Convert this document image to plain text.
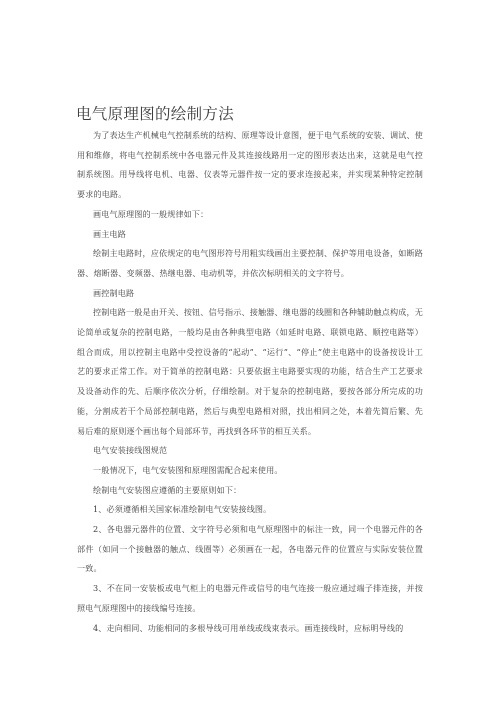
电气原理图的绘制方法

为了表达生产机械电气控制系统的结构、原理等设计意图，便于电气系统的安装、调试、使用和维修，将电气控制系统中各电器元件及其连接线路用一定的图形表达出来，这就是电气控制系统图。用导线将电机、电器、仪表等元器件按一定的要求连接起来，并实现某种特定控制要求的电路。

画电气原理图的一般规律如下：

画主电路

绘制主电路时，应依规定的电气图形符号用粗实线画出主要控制、保护等用电设备，如断路器、熔断器、变频器、热继电器、电动机等，并依次标明相关的文字符号。

画控制电路

控制电路一般是由开关、按钮、信号指示、接触器、继电器的线圈和各种辅助触点构成，无论简单或复杂的控制电路，一般均是由各种典型电路（如延时电路、联锁电路、顺控电路等）组合而成，用以控制主电路中受控设备的“起动”、“运行”、“停止”使主电路中的设备按设计工艺的要求正常工作。对于简单的控制电路：只要依据主电路要实现的功能，结合生产工艺要求及设备动作的先、后顺序依次分析，仔细绘制。对于复杂的控制电路，要按各部分所完成的功能，分割成若干个局部控制电路，然后与典型电路相对照，找出相同之处，本着先简后繁、先易后难的原则逐个画出每个局部环节，再找到各环节的相互关系。

电气安装接线图规范

一般情况下，电气安装图和原理图需配合起来使用。

绘制电气安装图应遵循的主要原则如下：

1、必须遵循相关国家标准绘制电气安装接线图。

2、各电器元器件的位置、文字符号必须和电气原理图中的标注一致，同一个电器元件的各部件（如同一个接触器的触点、线圈等）必须画在一起，各电器元件的位置应与实际安装位置一致。

3、不在同一安装板或电气柜上的电器元件或信号的电气连接一般应通过端子排连接，并按照电气原理图中的接线编号连接。

4、走向相同、功能相同的多根导线可用单线或线束表示。画连接线时，应标明导线的
